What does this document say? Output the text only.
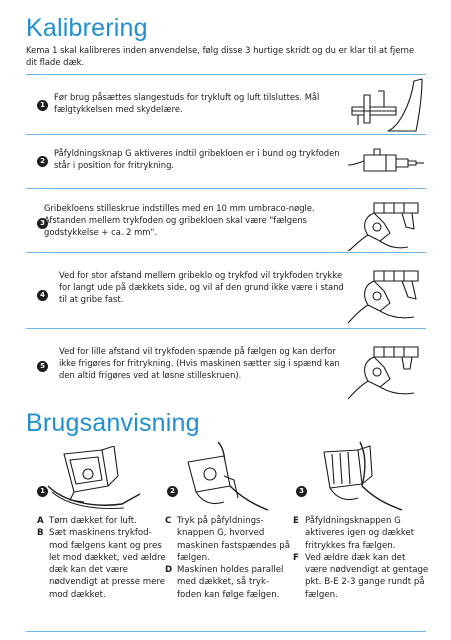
Kalibrering

Kema 1 skal kalibreres inden anvendelse, følg disse 3 hurtige skridt og du er klar til at fjerne dit flade dæk.

1

Før brug påsættes slangestuds for trykluft og luft tilsluttes. Mål fælgtykkelsen med skydelære.

2

Påfyldningsknap G aktiveres indtil gribekloen er i bund og trykfoden står i position for fritrykning.

3

Gribekloens stilleskrue indstilles med en 10 mm umbraco-nøgle. Afstanden mellem trykfoden og gribekloen skal være "fælgens godstykkelse + ca. 2 mm".

4

Ved for stor afstand mellem gribeklo og trykfod vil trykfoden trykke for langt ude på dækkets side, og vil af den grund ikke være i stand til at gribe fast.

5

Ved for lille afstand vil trykfoden spænde på fælgen og kan derfor ikke frigøres for fritrykning. (Hvis maskinen sætter sig i spænd kan den altid frigøres ved at løsne stilleskruen).

Brugsanvisning
1	2	3

A Tøm dækket for luft.

B Sæt maskinens trykfod-mod fælgens kant og pres let mod dækket, ved ældre dæk kan det være nødvendigt at presse mere mod dækket.

C Tryk på påfyldnings-knappen G, hvorved maskinen fastspændes på fælgen.

D Maskinen holdes parallel med dækket, så tryk-foden kan følge fælgen.

E Påfyldningsknappen G aktiveres igen og dækket fritrykkes fra fælgen.

F Ved ældre dæk kan det være nødvendigt at gentage pkt. B-E 2-3 gange rundt på fælgen.
